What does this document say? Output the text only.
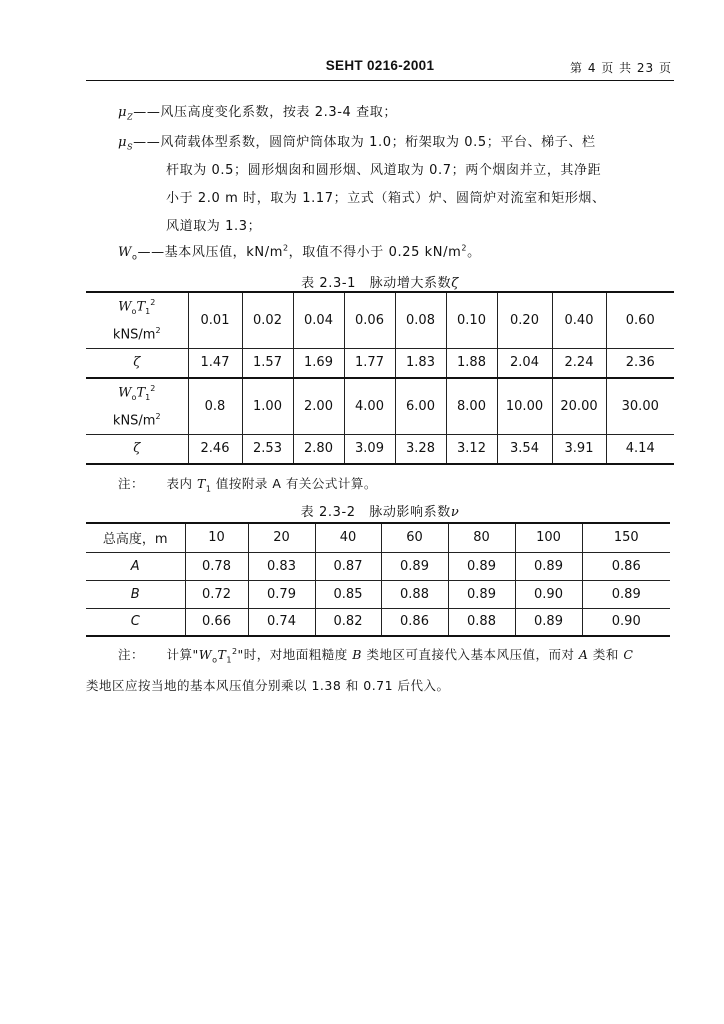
SEHT 0216-2001	第 4 页 共 23 页
$\mu_Z——$风压高度变化系数，按表 2.3-4 查取；
$\mu_S——$风荷载体型系数，圆筒炉筒体取为 1.0；桁架取为 0.5；平台、梯子、栏
杆取为 0.5；圆形烟囱和圆形烟、风道取为 0.7；两个烟囱并立，其净距
小于 2.0 m 时，取为 1.17；立式（箱式）炉、圆筒炉对流室和矩形烟、
风道取为 1.3；
$W_o——$基本风压值，$kN/m^2$，取值不得小于 0.25 $kN/m^2$。
表 2.3-1　脉动增大系数ζ
$W_oT_1^2$
kNS/$m^2$	0.01	0.02	0.04	0.06	0.08	0.10	0.20	0.40	0.60
ζ	1.47	1.57	1.69	1.77	1.83	1.88	2.04	2.24	2.36

$W_oT_1^2$
kNS/$m^2$	0.8	1.00	2.00	4.00	6.00	8.00	10.00	20.00	30.00
ζ	2.46	2.53	2.80	3.09	3.28	3.12	3.54	3.91	4.14
注： 表内 $T_1$ 值按附录 A 有关公式计算。
表 2.3-2　脉动影响系数ν
总高度，m	10	20	40	60	80	100	150
A	0.78	0.83	0.87	0.89	0.89	0.89	0.86
B	0.72	0.79	0.85	0.88	0.89	0.90	0.89
C	0.66	0.74	0.82	0.86	0.88	0.89	0.90
注： 计算"$W_oT_1^2$"时，对地面粗糙度 B 类地区可直接代入基本风压值，而对 A 类和 C
类地区应按当地的基本风压值分别乘以 1.38 和 0.71 后代入。
